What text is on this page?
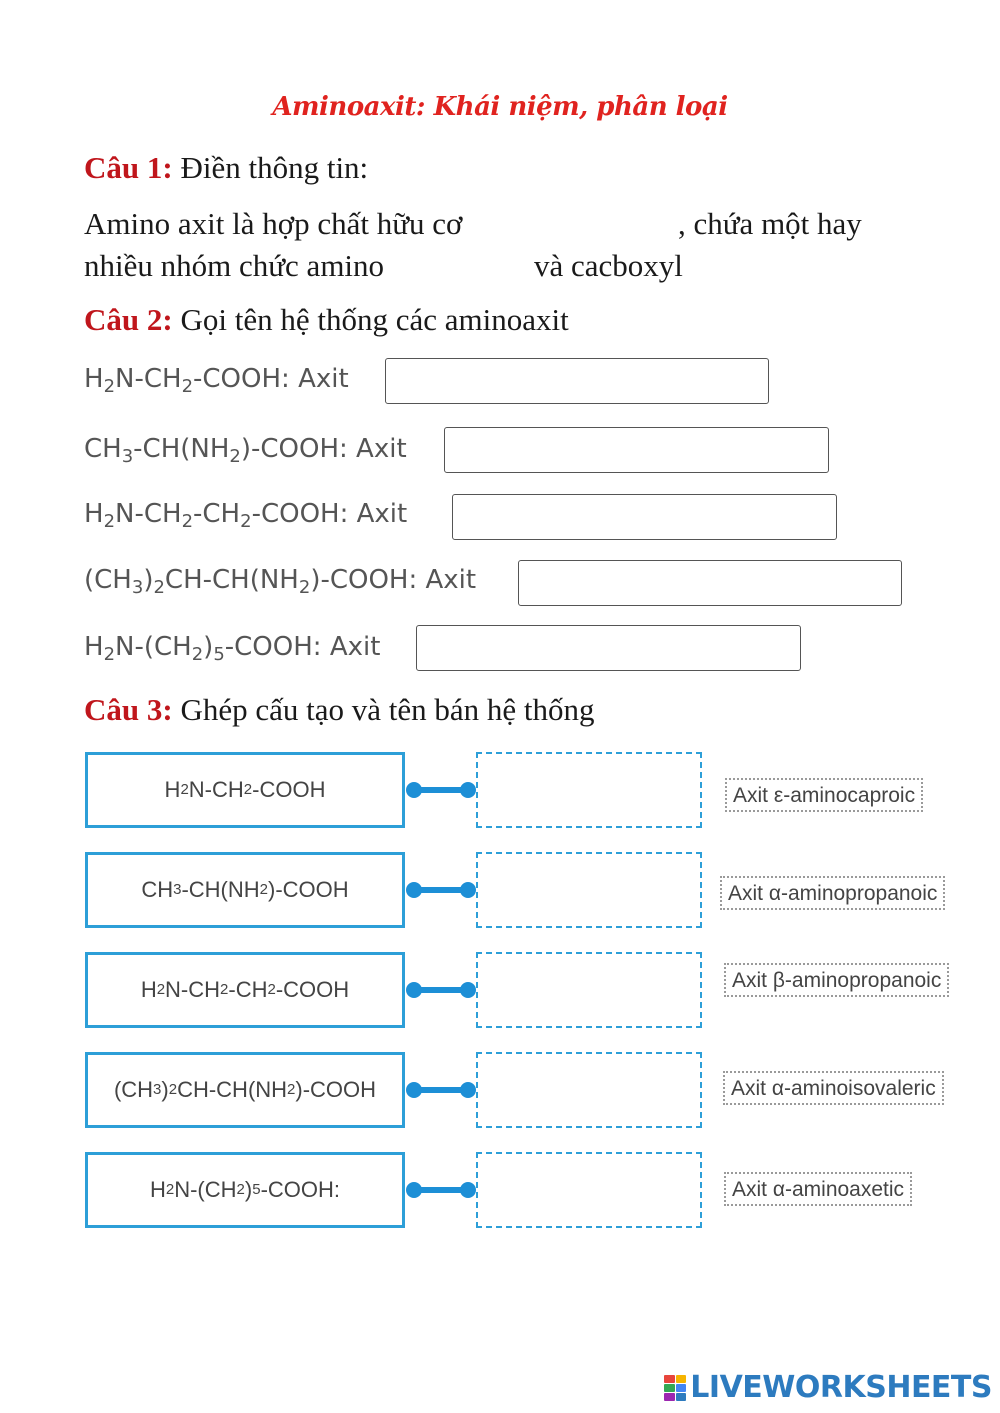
Aminoaxit: Khái niệm, phân loại
Câu 1: Điền thông tin:
Amino axit là hợp chất hữu cơ	, chứa một hay
nhiều nhóm chức amino	và cacboxyl
Câu 2: Gọi tên hệ thống các aminoaxit
$H_2N-CH_2$-COOH: Axit
$CH_3-CH(NH_2)$-COOH: Axit
$H_2N-CH_2-CH_2$-COOH: Axit
$(CH_3)_2CH-CH(NH_2)$-COOH: Axit
$H_2N-(CH_2)_5$-COOH: Axit
Câu 3: Ghép cấu tạo và tên bán hệ thống
H 2 N-CH 2 -COOH	Axit ε-aminocaproic
CH 3 -CH(NH 2 )-COOH	Axit α-aminopropanoic
H 2 N-CH 2 -CH 2 -COOH	Axit β-aminopropanoic
(CH 3 ) 2 CH-CH(NH 2 )-COOH	Axit α-aminoisovaleric
H 2 N-(CH 2 ) 5 -COOH:	Axit α-aminoaxetic
LIVEWORKSHEETS
